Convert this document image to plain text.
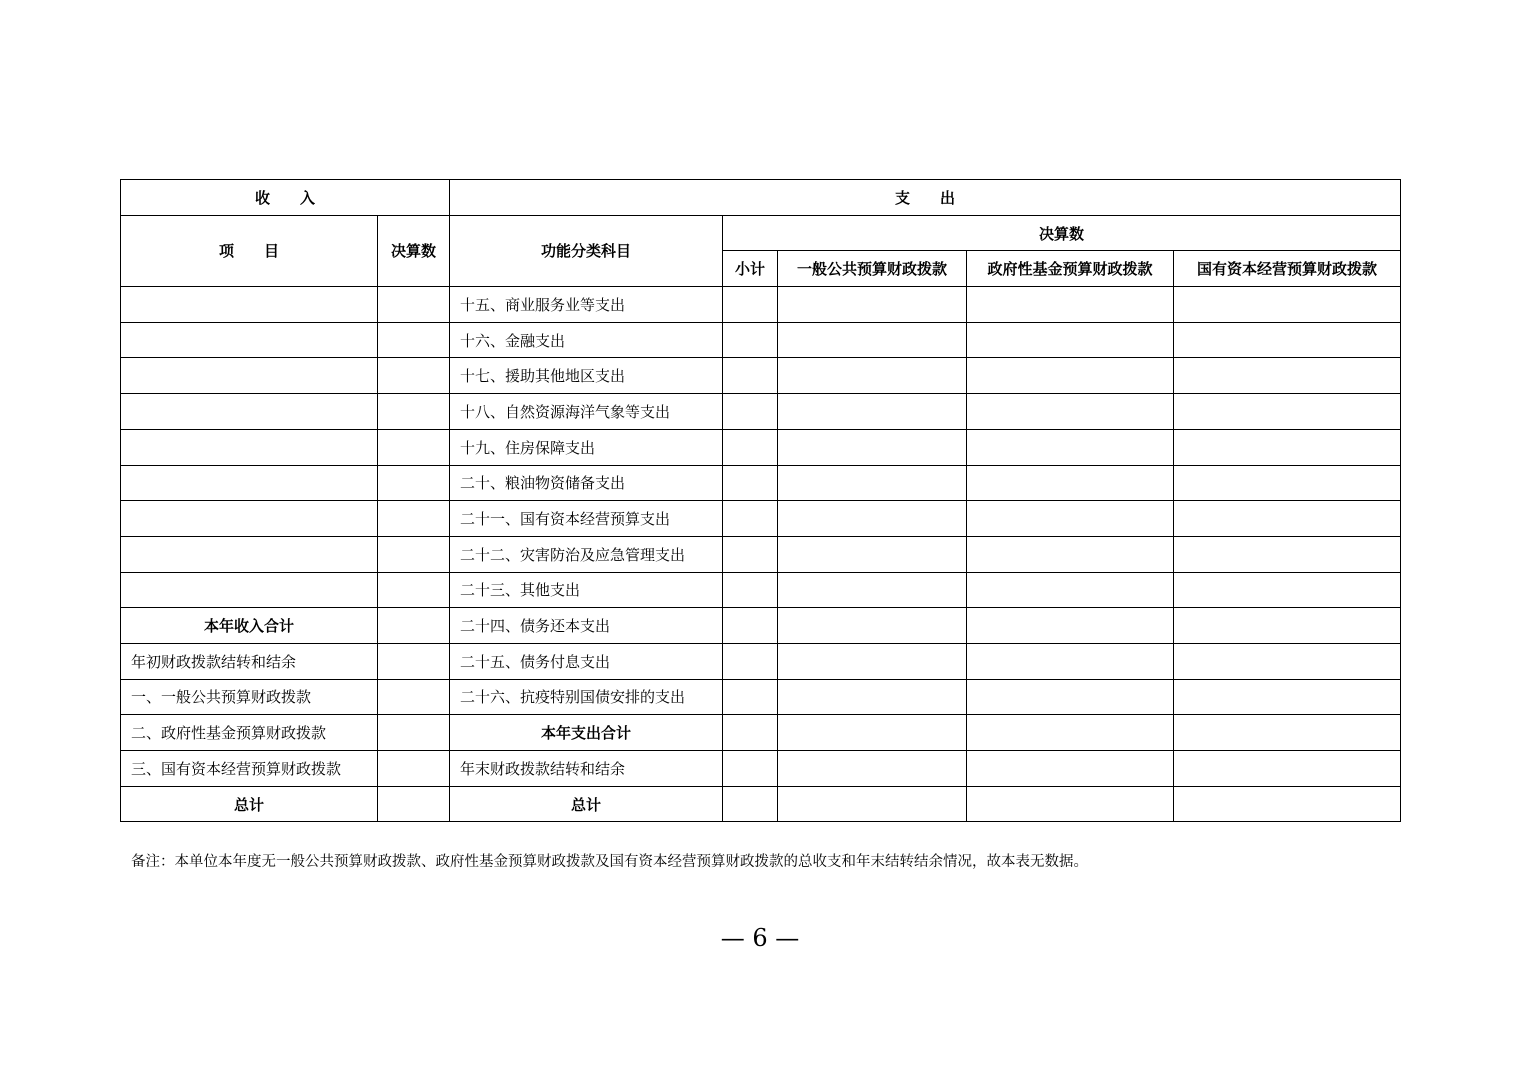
收　　入		支　　出				
项　　目	决算数	功能分类科目	决算数			
			小计	一般公共预算财政拨款	政府性基金预算财政拨款	国有资本经营预算财政拨款
		十五、商业服务业等支出				
		十六、金融支出				
		十七、援助其他地区支出				
		十八、自然资源海洋气象等支出				
		十九、住房保障支出				
		二十、粮油物资储备支出				
		二十一、国有资本经营预算支出				
		二十二、灾害防治及应急管理支出				
		二十三、其他支出				
本年收入合计		二十四、债务还本支出				
年初财政拨款结转和结余		二十五、债务付息支出				
一、一般公共预算财政拨款		二十六、抗疫特别国债安排的支出				
二、政府性基金预算财政拨款		本年支出合计				
三、国有资本经营预算财政拨款		年末财政拨款结转和结余				
总计		总计				
备注：本单位本年度无一般公共预算财政拨款、政府性基金预算财政拨款及国有资本经营预算财政拨款的总收支和年末结转结余情况，故本表无数据。
— 6 —
